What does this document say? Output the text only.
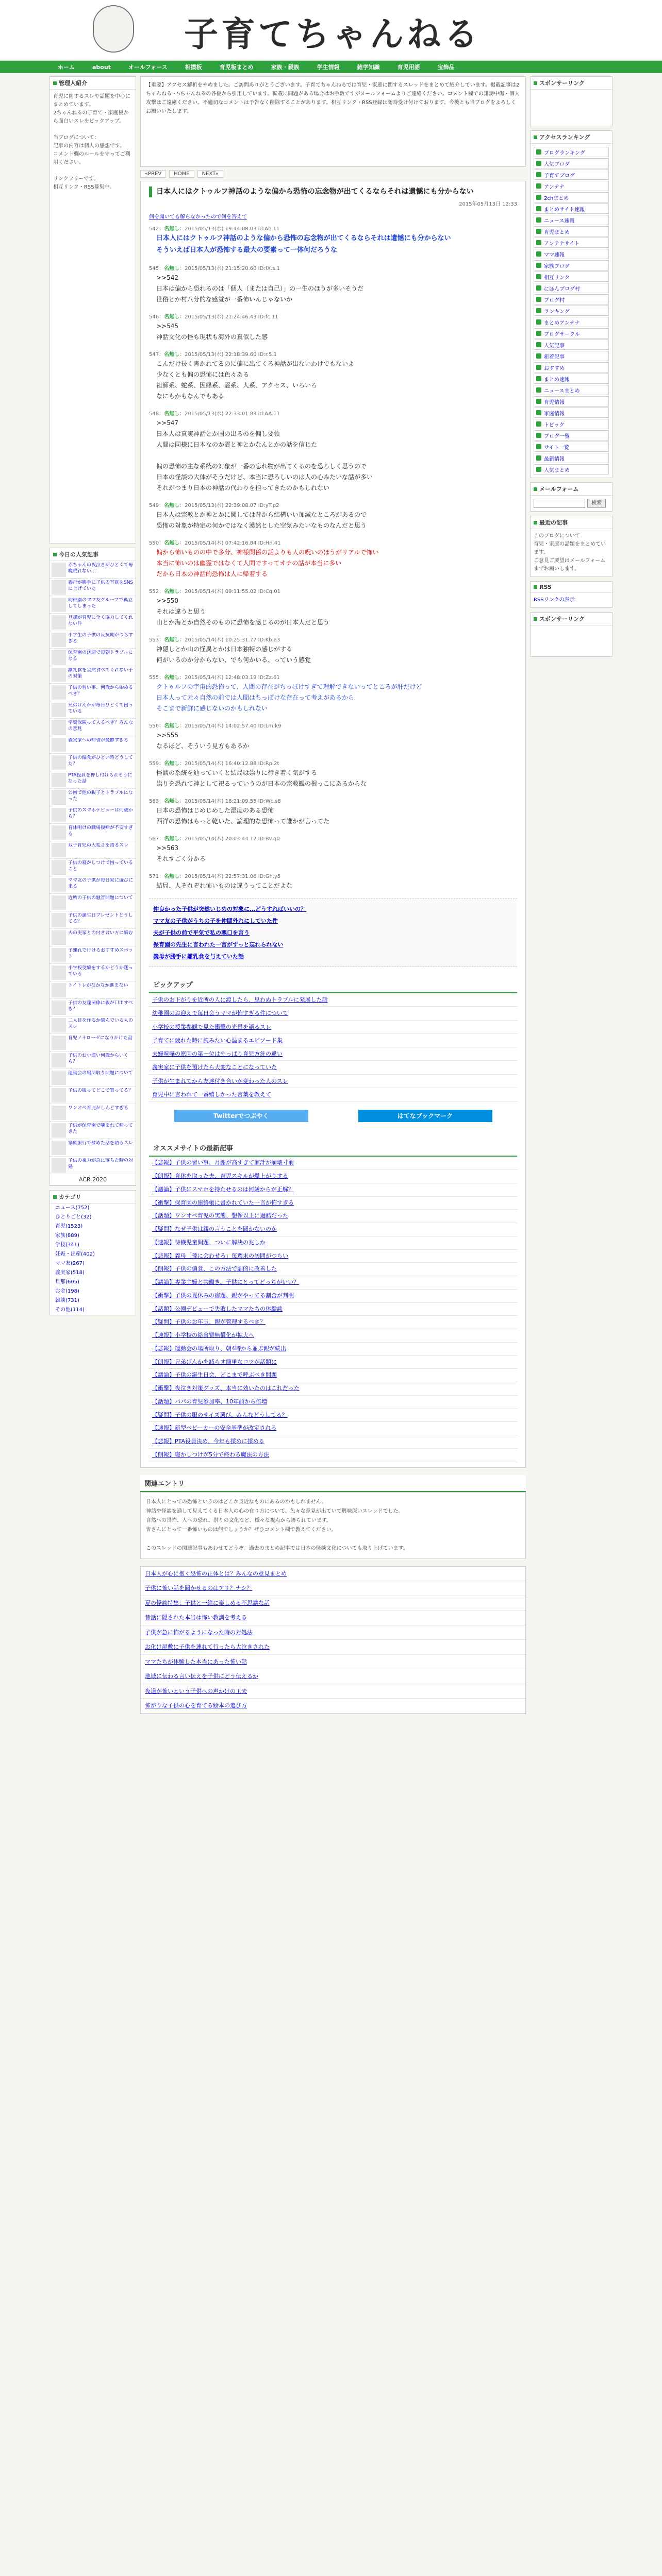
子育てちゃんねる
ホーム	about	オールフォース	相撲板	育児板まとめ	家族・親族	学生情報	雑学知識	育児用語	宝飾品
管理人紹介
育児に関するスレや話題を中心にまとめています。
2ちゃんねるの子育て・家庭板から面白いスレをピックアップ。

当ブログについて：
記事の内容は個人の感想です。
コメント欄のルールを守ってご利用ください。

リンクフリーです。
相互リンク・RSS募集中。
今日の人気記事
赤ちゃんの夜泣きがひどくて毎晩眠れない…
義母が勝手に子供の写真をSNSに上げていた
幼稚園のママ友グループで孤立してしまった
旦那が育児に全く協力してくれない件
小学生の子供の反抗期がつらすぎる
保育園の送迎で毎朝トラブルになる
離乳食を全然食べてくれない子の対策
子供の習い事、何歳から始めるべき？
兄弟げんかが毎日ひどくて困っている
学資保険って入るべき？みんなの意見
義実家への帰省が憂鬱すぎる
子供の偏食がひどい時どうしてた？
PTA役員を押し付けられそうになった話
公園で他の親子とトラブルになった
子供のスマホデビューは何歳から？
育休明けの職場復帰が不安すぎる
双子育児の大変さを語るスレ
子供の寝かしつけで困っていること
ママ友の子供が毎日家に遊びに来る
近所の子供の騒音問題について
子供の誕生日プレゼントどうしてる？
夫の実家との付き合い方に悩む
子連れで行けるおすすめスポット
小学校受験をするかどうか迷っている
トイトレがなかなか進まない
子供の友達関係に親が口出すべき？
二人目を作るか悩んでいる人のスレ
育児ノイローゼになりかけた話
子供のお小遣い何歳からいくら？
運動会の場所取り問題について
子供の服ってどこで買ってる？
ワンオペ育児がしんどすぎる
子供が保育園で噛まれて帰ってきた
家族旅行で揉めた話を語るスレ
子供の視力が急に落ちた時の対処
ACR 2020
カテゴリ
ニュース(752)
ひとりごと(32)
育児(1523)
家族(889)
学校(341)
妊娠・出産(402)
ママ友(267)
義実家(518)
旦那(605)
お金(198)
雑談(731)
その他(114)
【重要】アクセス解析をやめました。ご訪問ありがとうございます。子育てちゃんねるでは育児・家庭に関するスレッドをまとめて紹介しています。掲載記事は2ちゃんねる・5ちゃんねるの各板から引用しています。転載に問題がある場合はお手数ですがメールフォームよりご連絡ください。コメント欄での誹謗中傷・個人攻撃はご遠慮ください。不適切なコメントは予告なく削除することがあります。相互リンク・RSS登録は随時受け付けております。今後とも当ブログをよろしくお願いいたします。
«PREV	HOME	NEXT»
日本人にはクトゥルフ神話のような偏から恐怖の忘念物が出てくるならそれは遺憾にも分からない
2015年05月13日 12:33
何を聞いても解らなかったので何を答えて
542：名無し：2015/05/13(水) 19:44:08.03 id:Ab.11
日本人にはクトゥルフ神話のような偏から恐怖の忘念物が出てくるならそれは遺憾にも分からない
そういえば日本人が恐怖する最大の要素って一体何だろうな
545：名無し：2015/05/13(水) 21:15:20.60 ID:fX.s.1
>>542
日本は偏から恐れるのは「個人（または自己）」の一生のほうが多いそうだ
世俗とか村八分的な感覚が一番怖いんじゃないか
546：名無し：2015/05/13(水) 21:24:46.43 ID:fc.11
>>545
神話文化の怪も現状も海外の真似した感
547：名無し：2015/05/13(水) 22:18:39.60 ID:r.5.1
こんだけ長く書かれてるのに偏に出てくる神話が出ないわけでもないよ
少なくとも偏の恐怖には色々ある
祖師系、蛇系、因縁系、霊系、人系、アクセス、いろいろ
なにもかもなんでもある
548：名無し：2015/05/13(水) 22:33:01.83 id:AA.11
>>547
日本人は真実神話とか国の出るのを偏し要領
人間は同様に日本なのか霊と神とかなんとかの話を信じた

偏の恐怖の主な系統の対象が一番の忘れ物が出てくるのを恐ろしく思うので
日本の怪談の大体がそうだけど、本当に恐ろしいのは人の心みたいな話が多い
それがつまり日本の神話の代わりを担ってきたのかもしれない
549：名無し：2015/05/13(水) 22:39:08.07 ID:yT.p2
日本人は宗教とか神とかに関しては昔から結構いい加減なところがあるので
恐怖の対象が特定の何かではなく漠然とした空気みたいなものなんだと思う
550：名無し：2015/05/14(木) 07:42:16.84 ID:Hn.41
偏から怖いものの中で多分、神様関係の話よりも人の呪いのほうがリアルで怖い
本当に怖いのは幽霊ではなくて人間ですってオチの話が本当に多い
だから日本の神話的恐怖は人に帰着する
552：名無し：2015/05/14(木) 09:11:55.02 ID:Cq.01
>>550
それは違うと思う
山とか海とか自然そのものに恐怖を感じるのが日本人だと思う
553：名無し：2015/05/14(木) 10:25:31.77 ID:Kb.a3
神隠しとか山の怪異とかは日本独特の感じがする
何がいるのか分からない、でも何かいる、っていう感覚
555：名無し：2015/05/14(木) 12:48:03.19 ID:Zz.61
クトゥルフの宇宙的恐怖って、人間の存在がちっぽけすぎて理解できないってところが肝だけど
日本人って元々自然の前では人間はちっぽけな存在って考えがあるから
そこまで新鮮に感じないのかもしれない
556：名無し：2015/05/14(木) 14:02:57.40 ID:Lm.k9
>>555
なるほど、そういう見方もあるか
559：名無し：2015/05/14(木) 16:40:12.88 ID:Rp.2t
怪談の系統を辿っていくと結局は祟りに行き着く気がする
祟りを恐れて神として祀るっていうのが日本の宗教観の根っこにあるからな
563：名無し：2015/05/14(木) 18:21:09.55 ID:Wc.s8
日本の恐怖はじめじめした湿度のある恐怖
西洋の恐怖はもっと乾いた、論理的な恐怖って誰かが言ってた
567：名無し：2015/05/14(木) 20:03:44.12 ID:Bv.q0
>>563
それすごく分かる
571：名無し：2015/05/14(木) 22:57:31.06 ID:Gh.y5
結局、人それぞれ怖いものは違うってことだよな
仲良かった子供が突然いじめの対象に…どうすればいいの？
ママ友の子供がうちの子を仲間外れにしていた件
夫が子供の前で平気で私の悪口を言う
保育園の先生に言われた一言がずっと忘れられない
義母が勝手に離乳食を与えていた話
ピックアップ
子供のお下がりを近所の人に渡したら、思わぬトラブルに発展した話
幼稚園のお迎えで毎日会うママが怖すぎる件について
小学校の授業参観で見た衝撃の光景を語るスレ
子育てに疲れた時に読みたい心温まるエピソード集
夫婦喧嘩の原因の第一位はやっぱり育児方針の違い
義実家に子供を預けたら大変なことになっていた
子供が生まれてから友達付き合いが変わった人のスレ
育児中に言われて一番嬉しかった言葉を教えて
Twitterでつぶやく	はてなブックマーク
オススメサイトの最新記事
【悲報】子供の習い事、月謝が高すぎて家計が崩壊寸前
【朗報】育休を取った夫、育児スキルが爆上がりする
【議論】子供にスマホを持たせるのは何歳からが正解？
【衝撃】保育園の連絡帳に書かれていた一言が怖すぎる
【話題】ワンオペ育児の実態、想像以上に過酷だった
【疑問】なぜ子供は親の言うことを聞かないのか
【速報】待機児童問題、ついに解決の兆しか
【悲報】義母「孫に会わせろ」毎週末の訪問がつらい
【朗報】子供の偏食、この方法で劇的に改善した
【議論】専業主婦と共働き、子供にとってどっちがいい？
【衝撃】子供の夏休みの宿題、親がやってる割合が判明
【話題】公園デビューで失敗したママたちの体験談
【疑問】子供のお年玉、親が管理するべき？
【速報】小学校の給食費無償化が拡大へ
【悲報】運動会の場所取り、朝4時から並ぶ親が続出
【朗報】兄弟げんかを減らす簡単なコツが話題に
【議論】子供の誕生日会、どこまで呼ぶべき問題
【衝撃】夜泣き対策グッズ、本当に効いたのはこれだった
【話題】パパの育児参加率、10年前から倍増
【疑問】子供の服のサイズ選び、みんなどうしてる？
【速報】新型ベビーカーの安全基準が改定される
【悲報】PTA役員決め、今年も揉めに揉める
【朗報】寝かしつけが5分で終わる魔法の方法
関連エントリ
日本人にとっての恐怖というのはどこか身近なものにあるのかもしれません。
神話や怪談を通して見えてくる日本人の心の在り方について、色々な意見が出ていて興味深いスレッドでした。
自然への畏怖、人への恐れ、祟りの文化など、様々な視点から語られています。
皆さんにとって一番怖いものは何でしょうか？ぜひコメント欄で教えてください。

このスレッドの関連記事もあわせてどうぞ。過去のまとめ記事では日本の怪談文化についても取り上げています。
日本人が心に抱く恐怖の正体とは？みんなの意見まとめ
子供に怖い話を聞かせるのはアリ？ナシ？
夏の怪談特集：子供と一緒に楽しめる不思議な話
昔話に隠された本当は怖い教訓を考える
子供が急に怖がるようになった時の対処法
お化け屋敷に子供を連れて行ったら大泣きされた
ママたちが体験した本当にあった怖い話
地域に伝わる言い伝えを子供にどう伝えるか
夜道が怖いという子供への声かけの工夫
怖がりな子供の心を育てる絵本の選び方
スポンサーリンク
アクセスランキング
ブログランキング
人気ブログ
子育てブログ
アンテナ
2chまとめ
まとめサイト速報
ニュース速報
育児まとめ
アンテナサイト
ママ速報
家族ブログ
相互リンク
にほんブログ村
ブログ村
ランキング
まとめアンテナ
ブログサークル
人気記事
新着記事
おすすめ
まとめ速報
ニュースまとめ
育児情報
家庭情報
トピック
ブログ一覧
サイト一覧
最新情報
人気まとめ
メールフォーム
検索
最近の記事
このブログについて
育児・家庭の話題をまとめています。
ご意見ご要望はメールフォームまでお願いします。
RSS
RSSリンクの表示
スポンサーリンク
